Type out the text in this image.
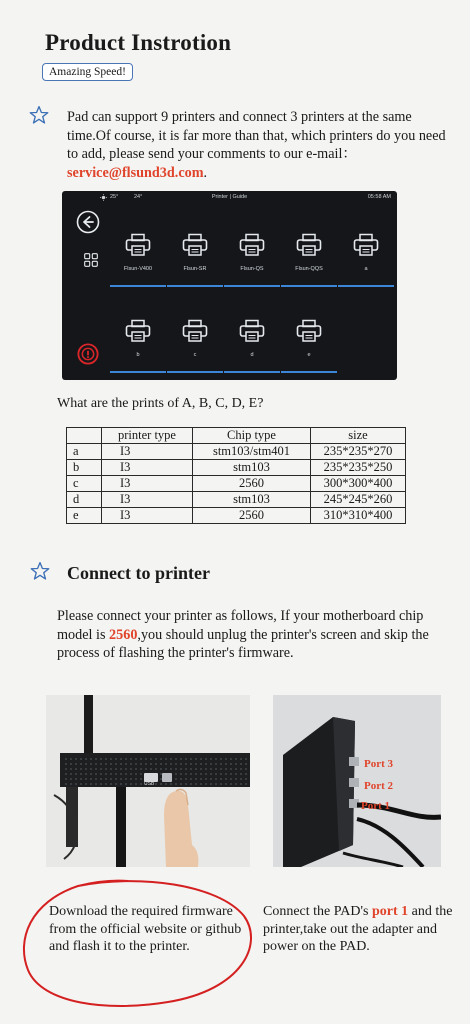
Product Instrotion
Amazing Speed!
Pad can support 9 printers and connect 3 printers at the same time.Of course, it is far more than that, which printers do you need to add, please send your comments to our e-mail：service@flsund3d.com.
25°	24°	Printer | Guide	05:58 AM
Flsun-V400	Flsun-SR	Flsun-QS	Flsun-QQS	a
b	c	d	e
What are the prints of A, B, C, D, E?
	printer type	Chip type	size
a	I3	stm103/stm401	235*235*270
b	I3	stm103	235*235*250
c	I3	2560	300*300*400
d	I3	stm103	245*245*260
e	I3	2560	310*310*400
Connect to printer
Please connect your printer as follows, If your motherboard chip model is 2560,you should unplug the printer's screen and skip the process of flashing the printer's firmware.
USB
Port 3
Port 2
Port 1
Download the required firmware from the official website or github and flash it to the printer.
Connect the PAD's port 1 and the printer,take out the adapter and power on the PAD.
